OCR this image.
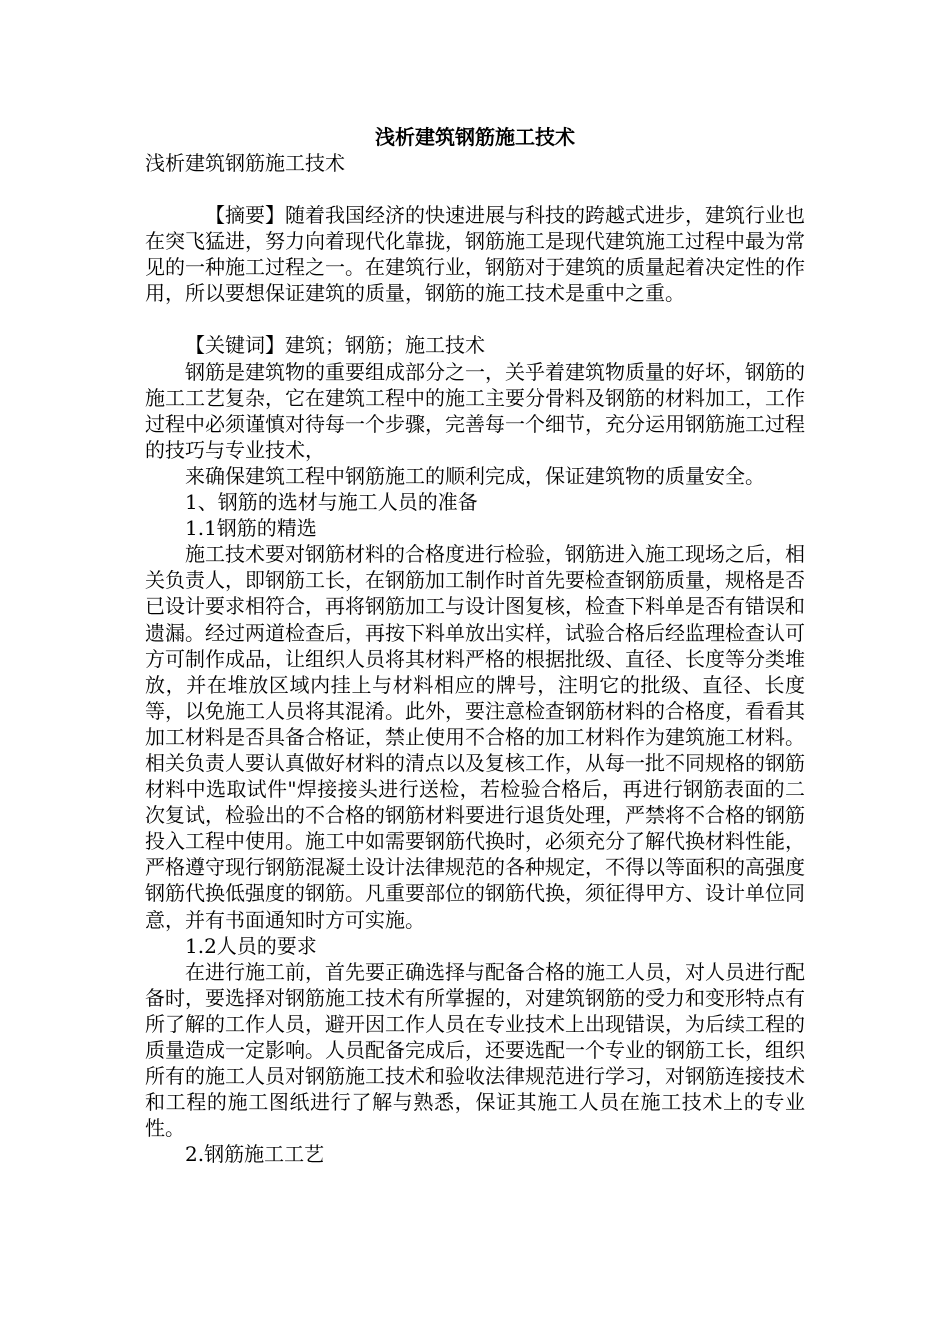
浅析建筑钢筋施工技术

浅析建筑钢筋施工技术

【摘要】随着我国经济的快速进展与科技的跨越式进步，建筑行业也在突飞猛进，努力向着现代化靠拢，钢筋施工是现代建筑施工过程中最为常见的一种施工过程之一。在建筑行业，钢筋对于建筑的质量起着决定性的作用，所以要想保证建筑的质量，钢筋的施工技术是重中之重。

【关键词】建筑；钢筋；施工技术

钢筋是建筑物的重要组成部分之一，关乎着建筑物质量的好坏，钢筋的施工工艺复杂，它在建筑工程中的施工主要分骨料及钢筋的材料加工，工作过程中必须谨慎对待每一个步骤，完善每一个细节，充分运用钢筋施工过程的技巧与专业技术，

来确保建筑工程中钢筋施工的顺利完成，保证建筑物的质量安全。

1、钢筋的选材与施工人员的准备

1.1钢筋的精选

施工技术要对钢筋材料的合格度进行检验，钢筋进入施工现场之后，相关负责人，即钢筋工长，在钢筋加工制作时首先要检查钢筋质量，规格是否已设计要求相符合，再将钢筋加工与设计图复核，检查下料单是否有错误和遗漏。经过两道检查后，再按下料单放出实样，试验合格后经监理检查认可方可制作成品，让组织人员将其材料严格的根据批级、直径、长度等分类堆放，并在堆放区域内挂上与材料相应的牌号，注明它的批级、直径、长度等，以免施工人员将其混淆。此外，要注意检查钢筋材料的合格度，看看其加工材料是否具备合格证，禁止使用不合格的加工材料作为建筑施工材料。相关负责人要认真做好材料的清点以及复核工作，从每一批不同规格的钢筋材料中选取试件"焊接接头进行送检，若检验合格后，再进行钢筋表面的二次复试，检验出的不合格的钢筋材料要进行退货处理，严禁将不合格的钢筋投入工程中使用。施工中如需要钢筋代换时，必须充分了解代换材料性能，严格遵守现行钢筋混凝土设计法律规范的各种规定，不得以等面积的高强度钢筋代换低强度的钢筋。凡重要部位的钢筋代换，须征得甲方、设计单位同意，并有书面通知时方可实施。

1.2人员的要求

在进行施工前，首先要正确选择与配备合格的施工人员，对人员进行配备时，要选择对钢筋施工技术有所掌握的，对建筑钢筋的受力和变形特点有所了解的工作人员，避开因工作人员在专业技术上出现错误，为后续工程的质量造成一定影响。人员配备完成后，还要选配一个专业的钢筋工长，组织所有的施工人员对钢筋施工技术和验收法律规范进行学习，对钢筋连接技术和工程的施工图纸进行了解与熟悉，保证其施工人员在施工技术上的专业性。

2.钢筋施工工艺
